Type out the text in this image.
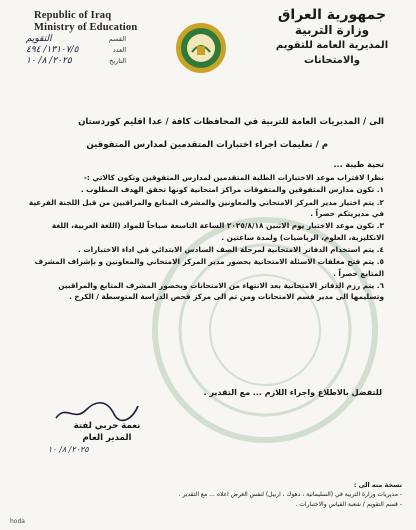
Republic of Iraq
Ministry of Education
القسم
التقويم
العدد
١٣١٠٧/٥/ ٤٩٤
التاريخ
٢٠٢٥/ ٨/ ١٠
جمهورية العراق
وزارة التربية
المديرية العامة للتقويم والامتحانات
الى / المديريات العامة للتربية في المحافظات كافة / عدا اقليم كوردستان
م / تعليمات اجراء اختبارات المتقدمين لمدارس المتفوقين
تحية طيبة ...

نظرا لاقتراب موعد الاختبارات الطلبة المتقدمين لمدارس المتفوقين وتكون كالاتي :-

١. تكون مدارس المتفوقين والمتفوقات مراكز امتحانية كونها تحقق الهدف المطلوب .

٢. يتم اختيار مدير المركز الامتحاني والمعاونين والمشرف المتابع والمراقبين من قبل اللجنة الفرعية في مديريتكم حصراً .

٣. تكون موعد الاختبار يوم الاثنين ٢٠٢٥/٨/١٨ الساعة التاسعة صباحاً للمواد (اللغة العربية، اللغة الانكليزية، العلوم، الرياضيات) ولمدة ساعتين .

٤. يتم استخدام الدفاتر الامتحانية لمرحلة الصف السادس الابتدائي في اداء الاختبارات .

٥. يتم فتح مغلفات الاسئلة الامتحانية بحضور مدير المركز الامتحاني والمعاونين و بإشراف المشرف المتابع حصراً .

٦. يتم رزم الدفاتر الامتحانية بعد الانتهاء من الامتحانات وبحضور المشرف المتابع والمراقبين وتسليمها الى مدير قسم الامتحانات ومن ثم الى مركز فحص الدراسة المتوسطة / الكرخ .

للتفضل بالاطلاع واجراء اللازم ... مع التقدير .
نعمة حربي لفتة
المدير العام
٢٠٢٥/ ٨/ ١٠
نسخة منه الى :
- مديريات وزارة التربية في (السليمانية ، دهوك ، اربيل) لنفس الغرض اعلاه ... مع التقدير .
- قسم التقويم / شعبة القياس والاختبارات .
hoda
